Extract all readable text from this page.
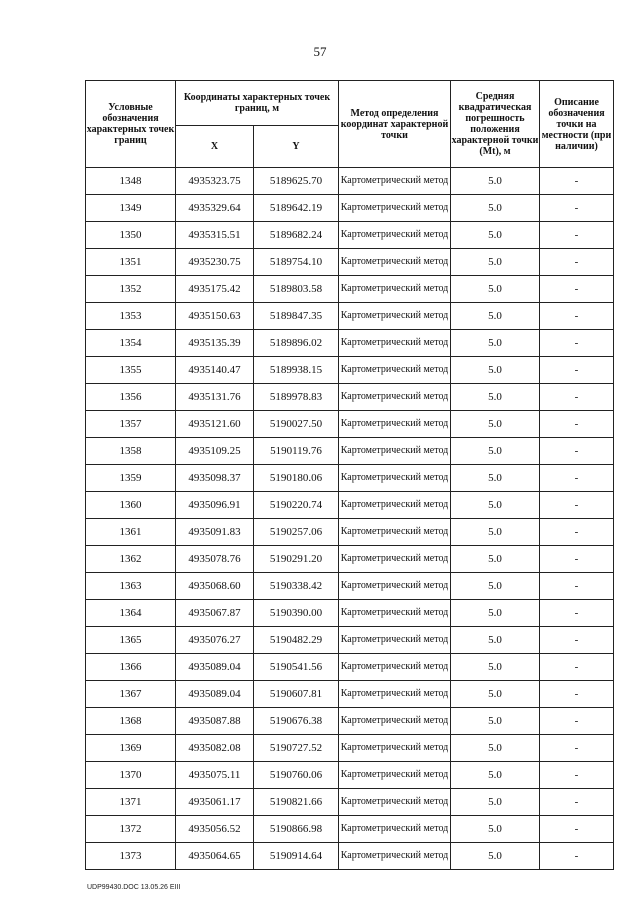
57
Условные обозначения характерных точек границ	Координаты характерных точек границ, м		Метод определения координат характерной точки	Средняя квадратическая погрешность положения характерной точки (Mt), м	Описание обозначения точки на местности (при наличии)
	X	Y			
1348	4935323.75	5189625.70	Картометрический метод	5.0	-
1349	4935329.64	5189642.19	Картометрический метод	5.0	-
1350	4935315.51	5189682.24	Картометрический метод	5.0	-
1351	4935230.75	5189754.10	Картометрический метод	5.0	-
1352	4935175.42	5189803.58	Картометрический метод	5.0	-
1353	4935150.63	5189847.35	Картометрический метод	5.0	-
1354	4935135.39	5189896.02	Картометрический метод	5.0	-
1355	4935140.47	5189938.15	Картометрический метод	5.0	-
1356	4935131.76	5189978.83	Картометрический метод	5.0	-
1357	4935121.60	5190027.50	Картометрический метод	5.0	-
1358	4935109.25	5190119.76	Картометрический метод	5.0	-
1359	4935098.37	5190180.06	Картометрический метод	5.0	-
1360	4935096.91	5190220.74	Картометрический метод	5.0	-
1361	4935091.83	5190257.06	Картометрический метод	5.0	-
1362	4935078.76	5190291.20	Картометрический метод	5.0	-
1363	4935068.60	5190338.42	Картометрический метод	5.0	-
1364	4935067.87	5190390.00	Картометрический метод	5.0	-
1365	4935076.27	5190482.29	Картометрический метод	5.0	-
1366	4935089.04	5190541.56	Картометрический метод	5.0	-
1367	4935089.04	5190607.81	Картометрический метод	5.0	-
1368	4935087.88	5190676.38	Картометрический метод	5.0	-
1369	4935082.08	5190727.52	Картометрический метод	5.0	-
1370	4935075.11	5190760.06	Картометрический метод	5.0	-
1371	4935061.17	5190821.66	Картометрический метод	5.0	-
1372	4935056.52	5190866.98	Картометрический метод	5.0	-
1373	4935064.65	5190914.64	Картометрический метод	5.0	-
UDP99430.DOC 13.05.26 EIII
